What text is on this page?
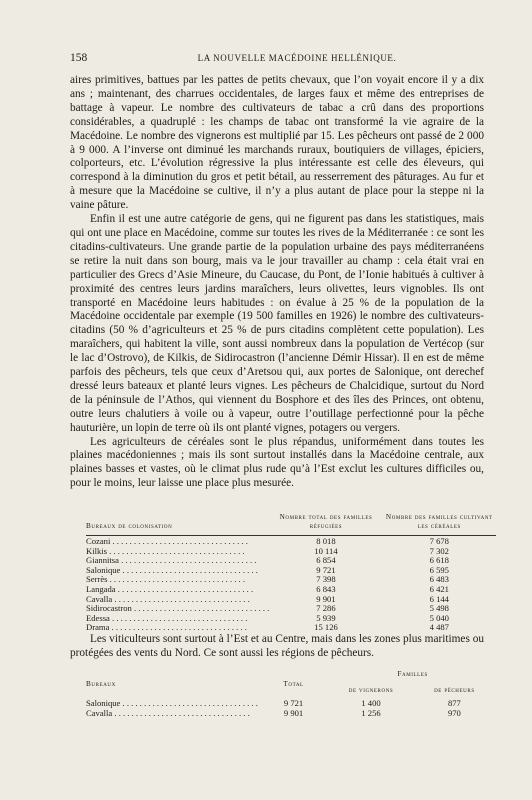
158	LA NOUVELLE MACÉDOINE HELLÉNIQUE.

aires primitives, battues par les pattes de petits chevaux, que l’on voyait encore il y a dix ans ; maintenant, des charrues occidentales, de larges faux et même des entreprises de battage à vapeur. Le nombre des cultivateurs de tabac a crû dans des proportions considérables, a quadruplé : les champs de tabac ont transformé la vie agraire de la Macédoine. Le nombre des vignerons est multiplié par 15. Les pêcheurs ont passé de 2 000 à 9 000. A l’inverse ont diminué les marchands ruraux, boutiquiers de villages, épiciers, colporteurs, etc. L’évolution régressive la plus intéressante est celle des éleveurs, qui correspond à la diminution du gros et petit bétail, au resserrement des pâturages. Au fur et à mesure que la Macédoine se cultive, il n’y a plus autant de place pour la steppe ni la vaine pâture.

Enfin il est une autre catégorie de gens, qui ne figurent pas dans les statistiques, mais qui ont une place en Macédoine, comme sur toutes les rives de la Méditerranée : ce sont les citadins-cultivateurs. Une grande partie de la population urbaine des pays méditerranéens se retire la nuit dans son bourg, mais va le jour travailler au champ : cela était vrai en particulier des Grecs d’Asie Mineure, du Caucase, du Pont, de l’Ionie habitués à cultiver à proximité des centres leurs jardins maraîchers, leurs olivettes, leurs vignobles. Ils ont transporté en Macédoine leurs habitudes : on évalue à 25 % de la population de la Macédoine occidentale par exemple (19 500 familles en 1926) le nombre des cultivateurs-citadins (50 % d’agriculteurs et 25 % de purs citadins complètent cette population). Les maraîchers, qui habitent la ville, sont aussi nombreux dans la population de Vertécop (sur le lac d’Ostrovo), de Kilkis, de Sidirocastron (l’ancienne Démir Hissar). Il en est de même parfois des pêcheurs, tels que ceux d’Aretsou qui, aux portes de Salonique, ont derechef dressé leurs bateaux et planté leurs vignes. Les pêcheurs de Chalcidique, surtout du Nord de la péninsule de l’Athos, qui viennent du Bosphore et des îles des Princes, ont obtenu, outre leurs chalutiers à voile ou à vapeur, outre l’outillage perfectionné pour la pêche hauturière, un lopin de terre où ils ont planté vignes, potagers ou vergers.

Les agriculteurs de céréales sont le plus répandus, uniformément dans toutes les plaines macédoniennes ; mais ils sont surtout installés dans la Macédoine centrale, aux plaines basses et vastes, où le climat plus rude qu’à l’Est exclut les cultures difficiles ou, pour le moins, leur laisse une place plus mesurée.

Bureaux de colonisation	Nombre total des familles réfugiées	Nombre des familles cultivant les céréales

Cozani . . . . . . . . . . . . . . . . . . . . . . . . . . . . . . . .	8 018	7 678
Kilkis . . . . . . . . . . . . . . . . . . . . . . . . . . . . . . . .	10 114	7 302
Giannitsa . . . . . . . . . . . . . . . . . . . . . . . . . . . . . . . .	6 854	6 618
Salonique . . . . . . . . . . . . . . . . . . . . . . . . . . . . . . . .	9 721	6 595
Serrès . . . . . . . . . . . . . . . . . . . . . . . . . . . . . . . .	7 398	6 483
Langada . . . . . . . . . . . . . . . . . . . . . . . . . . . . . . . .	6 843	6 421
Cavalla . . . . . . . . . . . . . . . . . . . . . . . . . . . . . . . .	9 901	6 144
Sidirocastron . . . . . . . . . . . . . . . . . . . . . . . . . . . . . . . .	7 286	5 498
Edessa . . . . . . . . . . . . . . . . . . . . . . . . . . . . . . . .	5 939	5 040
Drama . . . . . . . . . . . . . . . . . . . . . . . . . . . . . . . .	15 126	4 487

Les viticulteurs sont surtout à l’Est et au Centre, mais dans les zones plus maritimes ou protégées des vents du Nord. Ce sont aussi les régions de pêcheurs.

Bureaux	Total	Familles	
		de vignerons	de pêcheurs

Salonique . . . . . . . . . . . . . . . . . . . . . . . . . . . . . . . .	9 721	1 400	877
Cavalla . . . . . . . . . . . . . . . . . . . . . . . . . . . . . . . .	9 901	1 256	970
